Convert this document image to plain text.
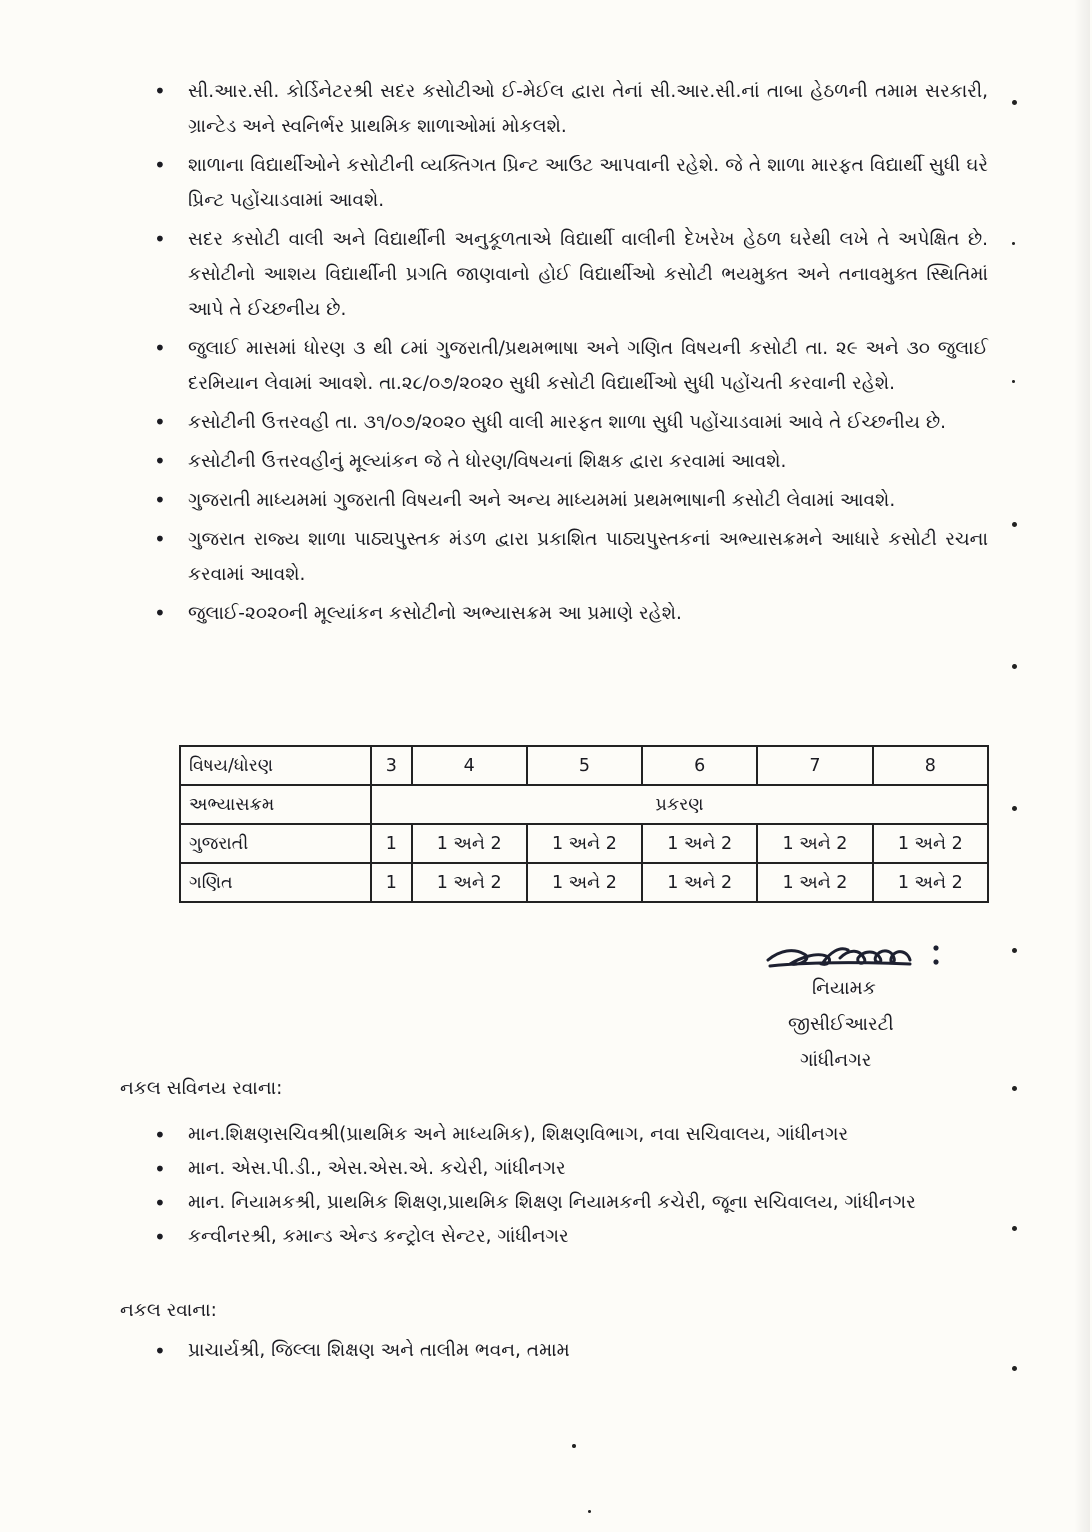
• સી.આર.સી. કોર્ડિનેટરશ્રી સદર કસોટીઓ ઈ-મેઈલ દ્વારા તેનાં સી.આર.સી.નાં તાબા હેઠળની તમામ સરકારી, ગ્રાન્ટેડ અને સ્વનિર્ભર પ્રાથમિક શાળાઓમાં મોકલશે.
• શાળાના વિદ્યાર્થીઓને કસોટીની વ્યક્તિગત પ્રિન્ટ આઉટ આપવાની રહેશે. જે તે શાળા મારફત વિદ્યાર્થી સુધી ઘરે પ્રિન્ટ પહોંચાડવામાં આવશે.
• સદર કસોટી વાલી અને વિદ્યાર્થીની અનુકૂળતાએ વિદ્યાર્થી વાલીની દેખરેખ હેઠળ ઘરેથી લખે તે અપેક્ષિત છે. કસોટીનો આશય વિદ્યાર્થીની પ્રગતિ જાણવાનો હોઈ વિદ્યાર્થીઓ કસોટી ભયમુક્ત અને તનાવમુક્ત સ્થિતિમાં આપે તે ઈચ્છનીય છે.
• જુલાઈ માસમાં ધોરણ ૩ થી ૮માં ગુજરાતી/પ્રથમભાષા અને ગણિત વિષયની કસોટી તા. ૨૯ અને ૩૦ જુલાઈ દરમિયાન લેવામાં આવશે. તા.૨૮/૦૭/૨૦૨૦ સુધી કસોટી વિદ્યાર્થીઓ સુધી પહોંચતી કરવાની રહેશે.
• કસોટીની ઉત્તરવહી તા. ૩૧/૦૭/૨૦૨૦ સુધી વાલી મારફત શાળા સુધી પહોંચાડવામાં આવે તે ઈચ્છનીય છે.
• કસોટીની ઉત્તરવહીનું મૂલ્યાંકન જે તે ધોરણ/વિષયનાં શિક્ષક દ્વારા કરવામાં આવશે.
• ગુજરાતી માધ્યમમાં ગુજરાતી વિષયની અને અન્ય માધ્યમમાં પ્રથમભાષાની કસોટી લેવામાં આવશે.
• ગુજરાત રાજ્ય શાળા પાઠ્યપુસ્તક મંડળ દ્વારા પ્રકાશિત પાઠ્યપુસ્તકનાં અભ્યાસક્રમને આધારે કસોટી રચના કરવામાં આવશે.
• જુલાઈ-૨૦૨૦ની મૂલ્યાંકન કસોટીનો અભ્યાસક્રમ આ પ્રમાણે રહેશે.
વિષય/ધોરણ	3	4	5	6	7	8
અભ્યાસક્રમ	પ્રકરણ					
ગુજરાતી	1	1 અને 2	1 અને 2	1 અને 2	1 અને 2	1 અને 2
ગણિત	1	1 અને 2	1 અને 2	1 અને 2	1 અને 2	1 અને 2
નિયામક
જીસીઈઆરટી
ગાંધીનગર
નકલ સવિનય રવાના:
• માન.શિક્ષણસચિવશ્રી(પ્રાથમિક અને માધ્યમિક), શિક્ષણવિભાગ, નવા સચિવાલય, ગાંધીનગર
• માન. એસ.પી.ડી., એસ.એસ.એ. કચેરી, ગાંધીનગર
• માન. નિયામકશ્રી, પ્રાથમિક શિક્ષણ,પ્રાથમિક શિક્ષણ નિયામકની કચેરી, જૂના સચિવાલય, ગાંધીનગર
• કન્વીનરશ્રી, કમાન્ડ એન્ડ કન્ટ્રોલ સેન્ટર, ગાંધીનગર
નકલ રવાના:
• પ્રાચાર્યશ્રી, જિલ્લા શિક્ષણ અને તાલીમ ભવન, તમામ
